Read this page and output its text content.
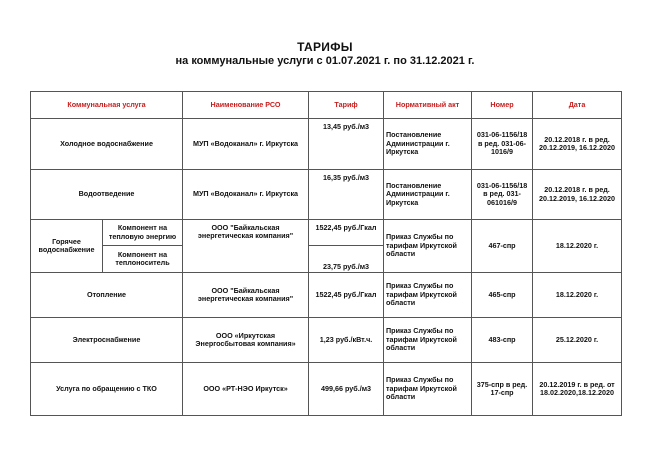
ТАРИФЫ
на коммунальные услуги с 01.07.2021 г. по 31.12.2021 г.
Коммунальная услуга		Наименование РСО	Тариф	Нормативный акт	Номер	Дата
Холодное водоснабжение		МУП «Водоканал» г. Иркутска	13,45 руб./м3	Постановление Администрации г. Иркутска	031-06-1156/18 в ред. 031-06-1016/9	20.12.2018 г. в ред. 20.12.2019, 16.12.2020
Водоотведение		МУП «Водоканал» г. Иркутска	16,35 руб./м3	Постановление Администрации г. Иркутска	031-06-1156/18 в ред. 031-061016/9	20.12.2018 г. в ред. 20.12.2019, 16.12.2020
Горячее водоснабжение	Компонент на тепловую энергию	ООО "Байкальская энергетическая компания"	1522,45 руб./Гкал	Приказ Службы по тарифам Иркутской области	467-спр	18.12.2020 г.
	Компонент на теплоноситель		23,75 руб./м3			
Отопление		ООО "Байкальская энергетическая компания"	1522,45 руб./Гкал	Приказ Службы по тарифам Иркутской области	465-спр	18.12.2020 г.
Электроснабжение		ООО «Иркутская Энергосбытовая компания»	1,23 руб./кВт.ч.	Приказ Службы по тарифам Иркутской области	483-спр	25.12.2020 г.
Услуга по обращению с ТКО		ООО «РТ-НЭО Иркутск»	499,66 руб./м3	Приказ Службы по тарифам Иркутской области	375-спр в ред. 17-спр	20.12.2019 г. в ред. от 18.02.2020,18.12.2020
